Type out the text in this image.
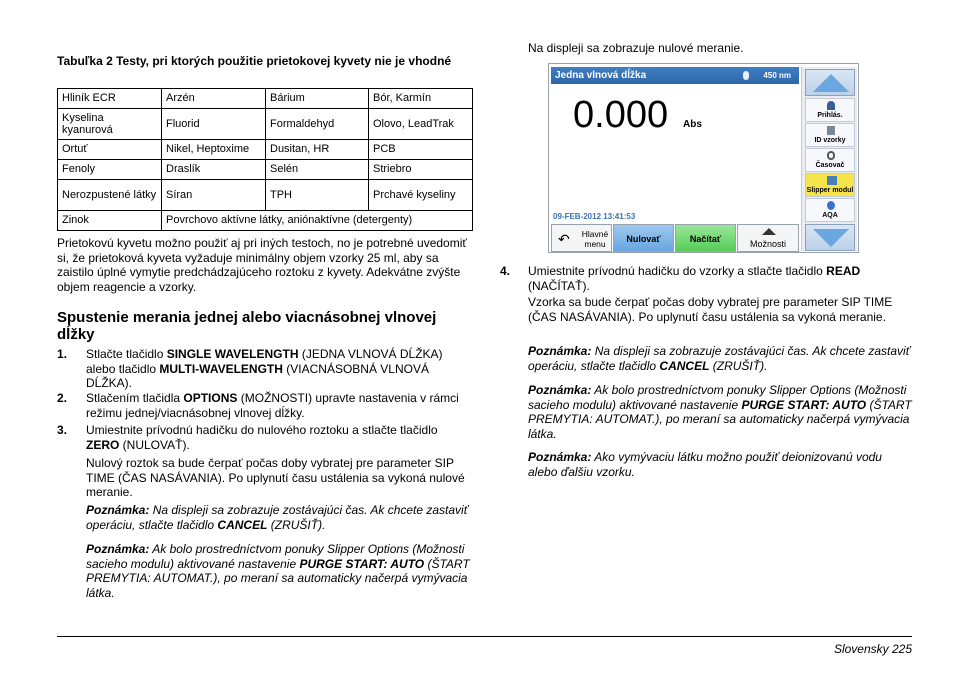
Tabuľka 2 Testy, pri ktorých použitie prietokovej kyvety nie je vhodné
Hliník ECR	Arzén	Bárium	Bór, Karmín
Kyselina kyanurová	Fluorid	Formaldehyd	Olovo, LeadTrak
Ortuť	Nikel, Heptoxime	Dusitan, HR	PCB
Fenoly	Draslík	Selén	Striebro
Nerozpustené látky	Síran	TPH	Prchavé kyseliny
Zinok	Povrchovo aktívne látky, aniónaktívne (detergenty)		
Prietokovú kyvetu možno použiť aj pri iných testoch, no je potrebné uvedomiť si, že prietoková kyveta vyžaduje minimálny objem vzorky 25 ml, aby sa zaistilo úplné vymytie predchádzajúceho roztoku z kyvety. Adekvátne zvýšte objem reagencie a vzorky.
Spustenie merania jednej alebo viacnásobnej vlnovej dĺžky
1. Stlačte tlačidlo SINGLE WAVELENGTH (JEDNA VLNOVÁ DĹŽKA) alebo tlačidlo MULTI-WAVELENGTH (VIACNÁSOBNÁ VLNOVÁ DĹŽKA).
2. Stlačením tlačidla OPTIONS (MOŽNOSTI) upravte nastavenia v rámci režimu jednej/viacnásobnej vlnovej dĺžky.
3. Umiestnite prívodnú hadičku do nulového roztoku a stlačte tlačidlo ZERO (NULOVAŤ).
Nulový roztok sa bude čerpať počas doby vybratej pre parameter SIP TIME (ČAS NASÁVANIA). Po uplynutí času ustálenia sa vykoná nulové meranie.
Poznámka: Na displeji sa zobrazuje zostávajúci čas. Ak chcete zastaviť operáciu, stlačte tlačidlo CANCEL (ZRUŠIŤ).
Poznámka: Ak bolo prostredníctvom ponuky Slipper Options (Možnosti sacieho modulu) aktivované nastavenie PURGE START: AUTO (ŠTART PREMYTIA: AUTOMAT.), po meraní sa automaticky načerpá vymývacia látka.
Na displeji sa zobrazuje nulové meranie.
Jedna vlnová dĺžka	450 nm
0.000 Abs
09-FEB-2012 13:41:53
Prihlás.
ID vzorky
Časovač
Slipper modul
AQA
↶	Hlavné menu	Nulovať	Načítať	Možnosti
4. Umiestnite prívodnú hadičku do vzorky a stlačte tlačidlo READ (NAČÍTAŤ).
Vzorka sa bude čerpať počas doby vybratej pre parameter SIP TIME (ČAS NASÁVANIA). Po uplynutí času ustálenia sa vykoná meranie.
Poznámka: Na displeji sa zobrazuje zostávajúci čas. Ak chcete zastaviť operáciu, stlačte tlačidlo CANCEL (ZRUŠIŤ).
Poznámka: Ak bolo prostredníctvom ponuky Slipper Options (Možnosti sacieho modulu) aktivované nastavenie PURGE START: AUTO (ŠTART PREMYTIA: AUTOMAT.), po meraní sa automaticky načerpá vymývacia látka.
Poznámka: Ako vymývaciu látku možno použiť deionizovanú vodu alebo ďalšiu vzorku.
Slovensky 225
